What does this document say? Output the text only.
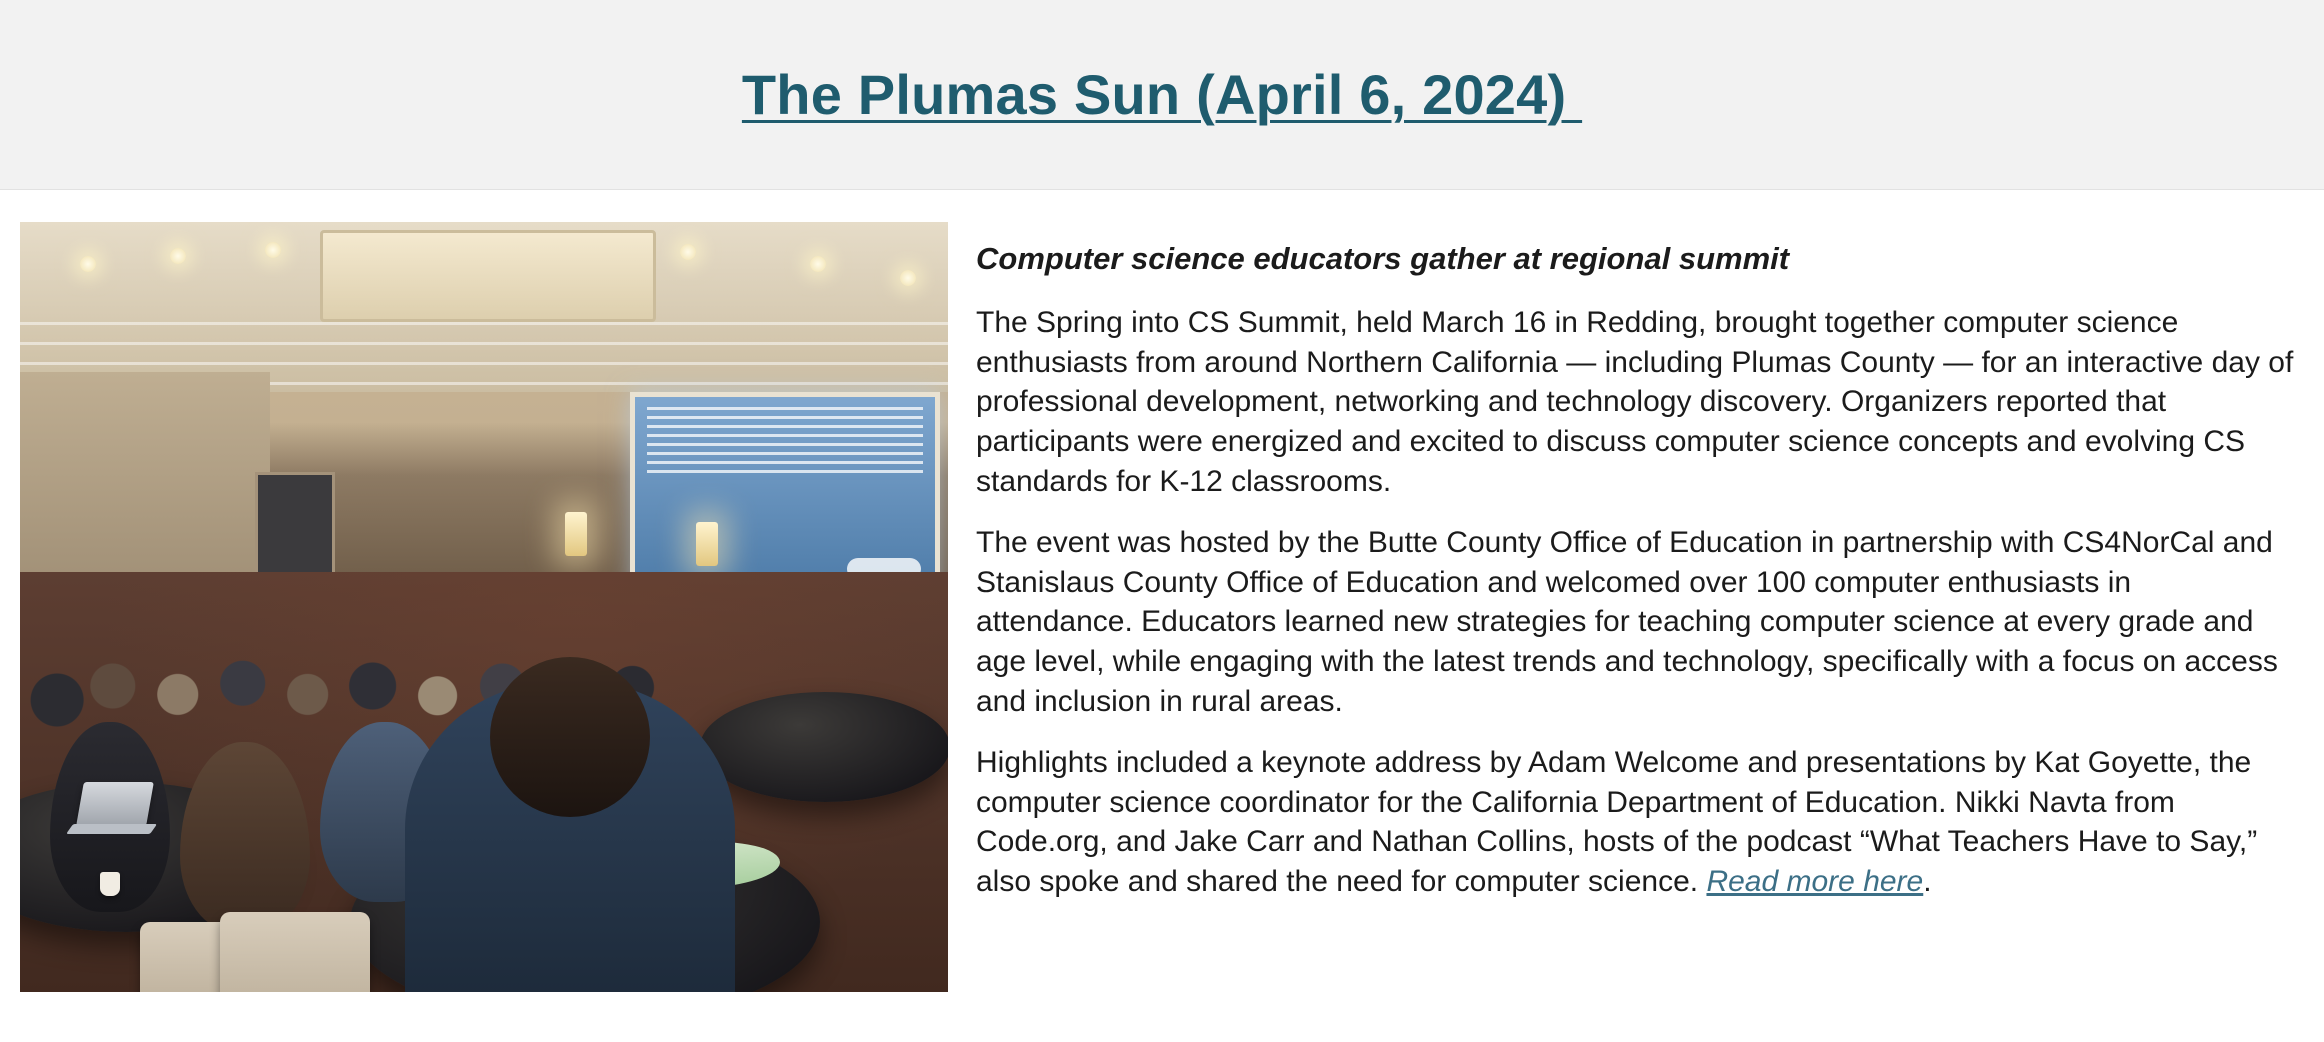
The Plumas Sun (April 6, 2024)
Computer science educators gather at regional summit

The Spring into CS Summit, held March 16 in Redding, brought together computer science enthusiasts from around Northern California — including Plumas County — for an interactive day of professional development, networking and technology discovery. Organizers reported that participants were energized and excited to discuss computer science concepts and evolving CS standards for K-12 classrooms.

The event was hosted by the Butte County Office of Education in partnership with CS4NorCal and Stanislaus County Office of Education and welcomed over 100 computer enthusiasts in attendance. Educators learned new strategies for teaching computer science at every grade and age level, while engaging with the latest trends and technology, specifically with a focus on access and inclusion in rural areas.

Highlights included a keynote address by Adam Welcome and presentations by Kat Goyette, the computer science coordinator for the California Department of Education. Nikki Navta from Code.org, and Jake Carr and Nathan Collins, hosts of the podcast “What Teachers Have to Say,” also spoke and shared the need for computer science. Read more here.
